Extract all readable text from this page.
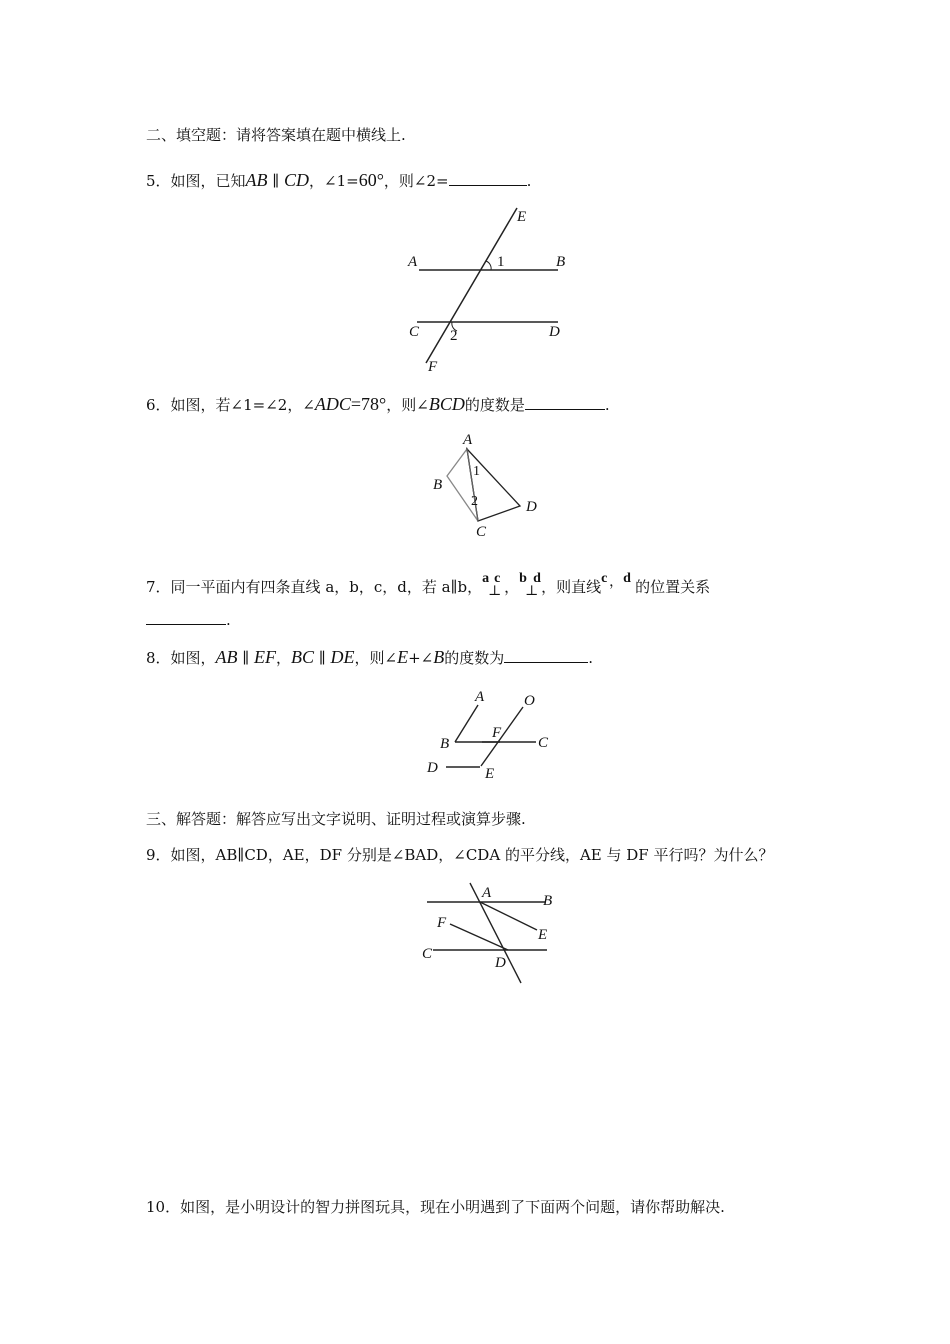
二、填空题：请将答案填在题中横线上.
5．如图，已知AB ∥ CD，∠1=60°，则∠2=	.
E
A	1	B
C 2	D
F
6．如图，若∠1=∠2，∠ADC=78°，则∠BCD的度数是	.
A
1
B
2	D
C
7．同一平面内有四条直线 a，b，c，d，若 a∥b， a c
⊥ ， b d
⊥ ，则直线 c ， d 的位置关系
.
8．如图，AB ∥ EF，BC ∥ DE，则∠E+∠B的度数为	.
A	O
F
B	C
D	E
三、解答题：解答应写出文字说明、证明过程或演算步骤.
9．如图，AB∥CD，AE，DF 分别是∠BAD，∠CDA 的平分线，AE 与 DF 平行吗？为什么？
A	B
F
E
C
D
10．如图，是小明设计的智力拼图玩具，现在小明遇到了下面两个问题，请你帮助解决.
